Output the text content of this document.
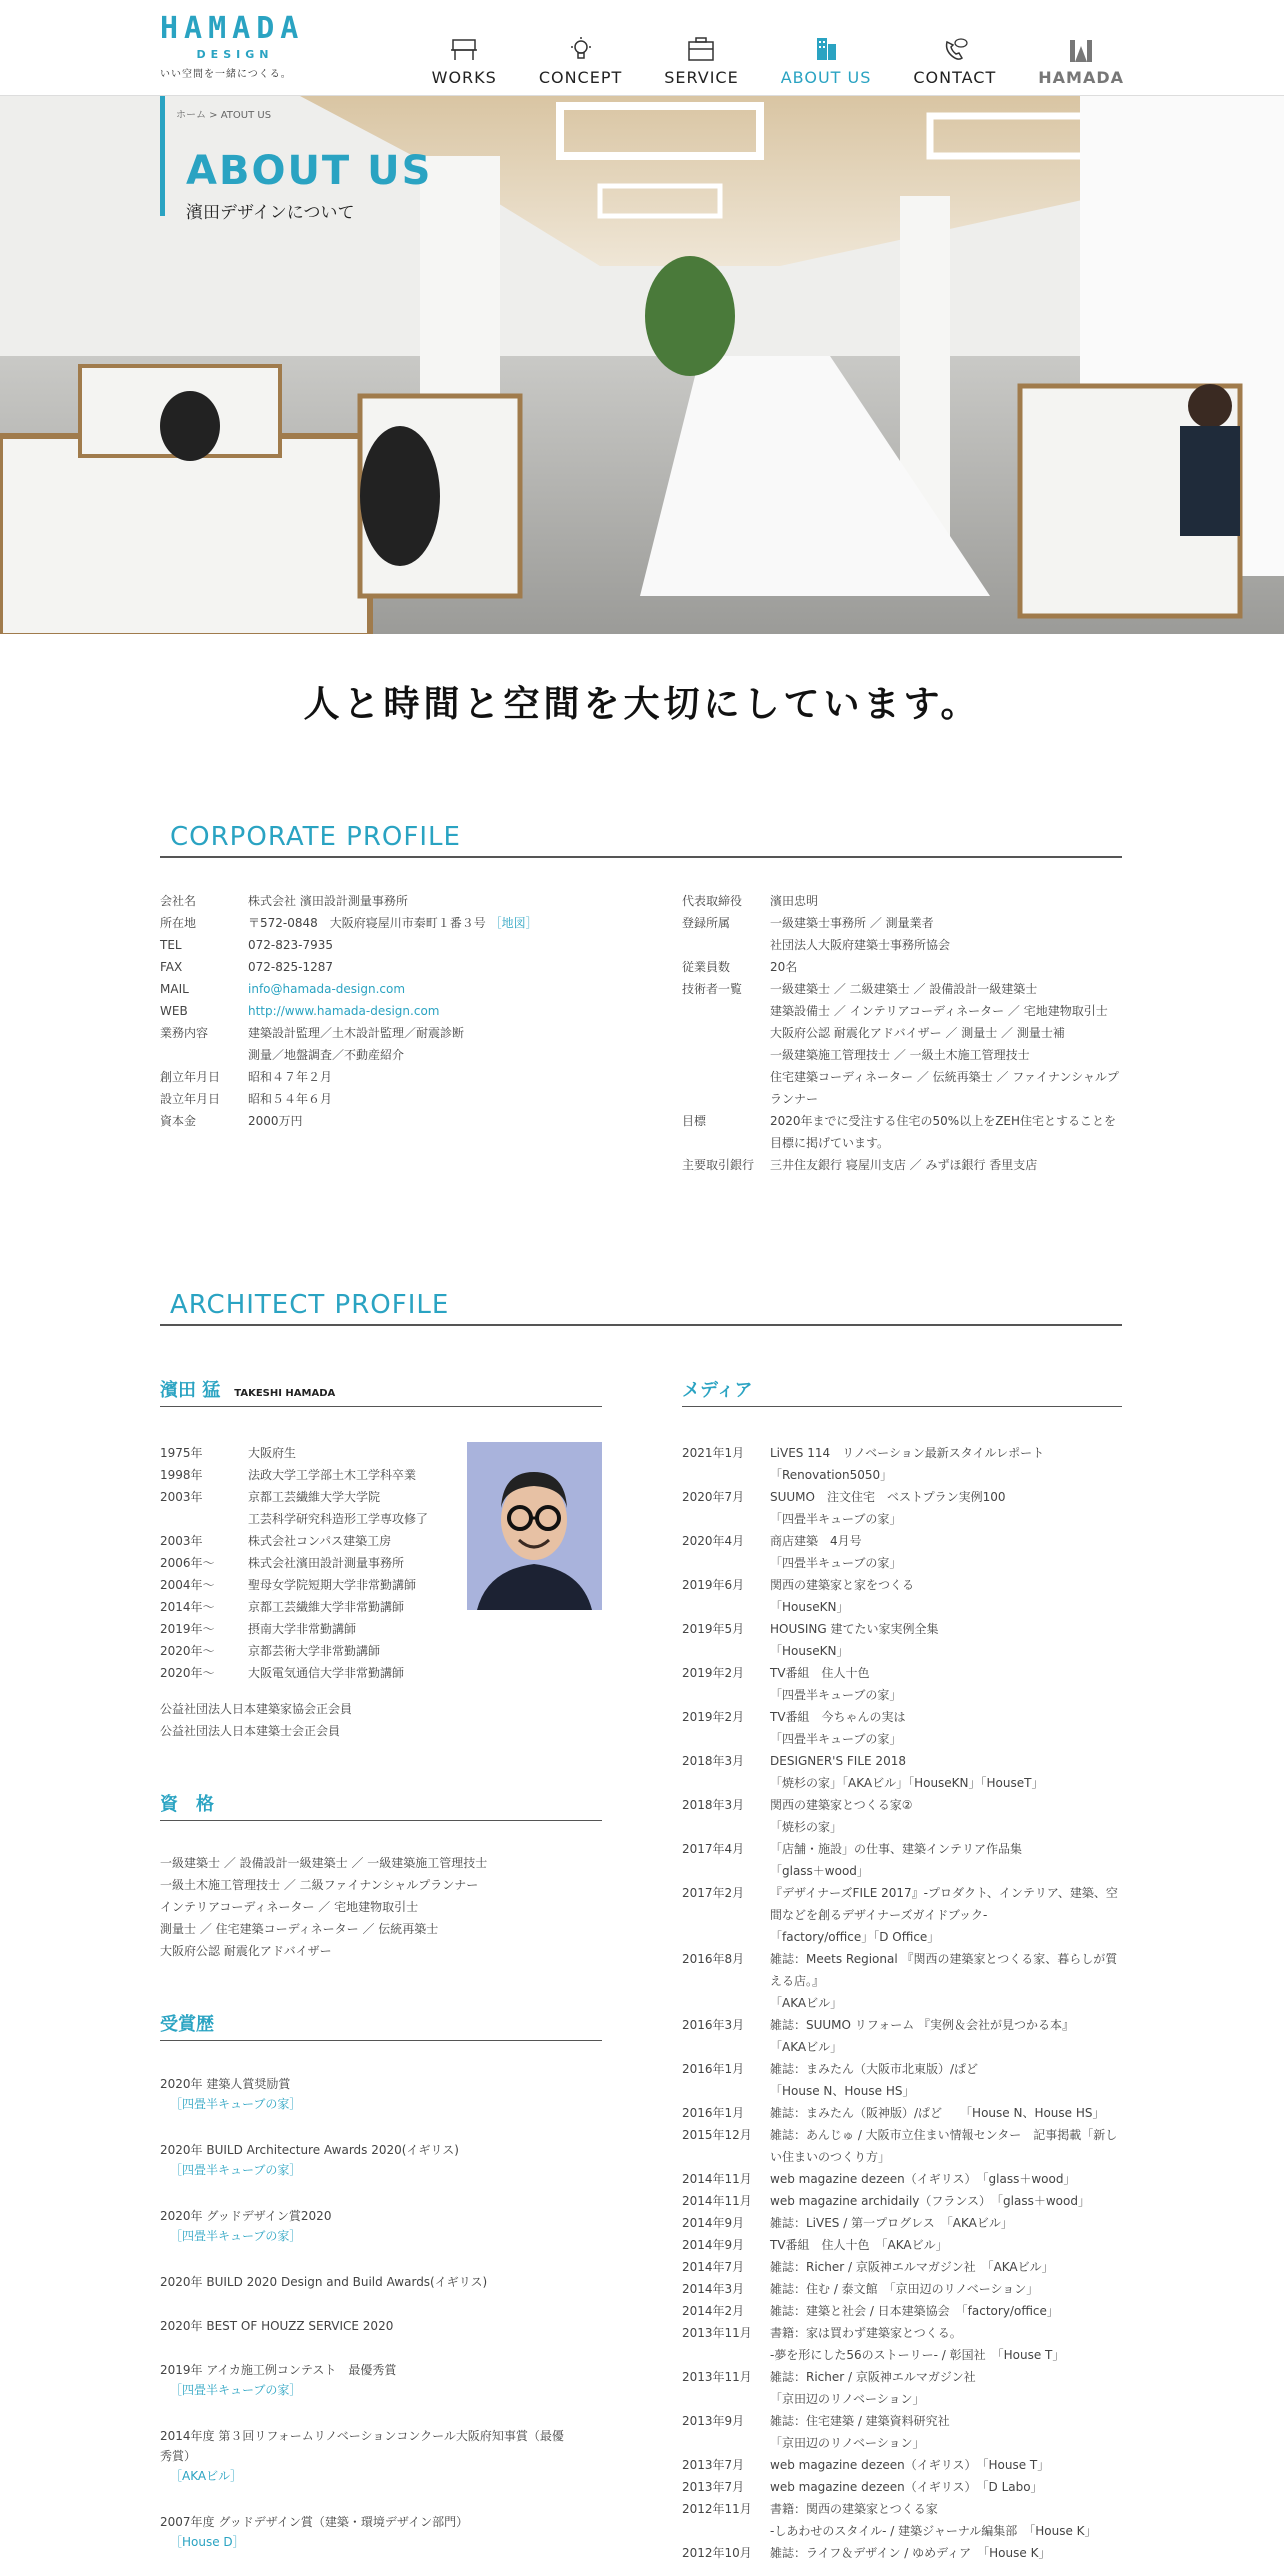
HAMADA
DESIGN
いい空間を一緒につくる。	WORKS	CONCEPT	SERVICE	ABOUT US	CONTACT	HAMADA
ホーム > ATOUT US
ABOUT US
濱田デザインについて
人と時間と空間を大切にしています。
CORPORATE PROFILE
会社名	株式会社 濱田設計測量事務所
所在地	〒572-0848　大阪府寝屋川市秦町１番３号 ［地図］
TEL	072-823-7935
FAX	072-825-1287
MAIL	info@hamada-design.com
WEB	http://www.hamada-design.com
業務内容	建築設計監理／土木設計監理／耐震診断
測量／地盤調査／不動産紹介
創立年月日	昭和４７年２月
設立年月日	昭和５４年６月
資本金	2000万円
代表取締役	濱田忠明
登録所属	一級建築士事務所 ／ 測量業者
社団法人大阪府建築士事務所協会
従業員数	20名
技術者一覧	一級建築士 ／ 二級建築士 ／ 設備設計一級建築士
建築設備士 ／ インテリアコーディネーター ／ 宅地建物取引士
大阪府公認 耐震化アドバイザー ／ 測量士 ／ 測量士補
一級建築施工管理技士 ／ 一級土木施工管理技士
住宅建築コーディネーター ／ 伝統再築士 ／ ファイナンシャルプ
ランナー
目標	2020年までに受注する住宅の50%以上をZEH住宅とすることを
目標に掲げています。
主要取引銀行	三井住友銀行 寝屋川支店 ／ みずほ銀行 香里支店
ARCHITECT PROFILE
濱田 猛 TAKESHI HAMADA
1975年	大阪府生
1998年	法政大学工学部土木工学科卒業
2003年	京都工芸繊維大学大学院
工芸科学研究科造形工学専攻修了
2003年	株式会社コンパス建築工房
2006年～	株式会社濱田設計測量事務所
2004年～	聖母女学院短期大学非常勤講師
2014年～	京都工芸繊維大学非常勤講師
2019年～	摂南大学非常勤講師
2020年～	京都芸術大学非常勤講師
2020年～	大阪電気通信大学非常勤講師
公益社団法人日本建築家協会正会員
公益社団法人日本建築士会正会員
資　格
一級建築士 ／ 設備設計一級建築士 ／ 一級建築施工管理技士
一級土木施工管理技士 ／ 二級ファイナンシャルプランナー
インテリアコーディネーター ／ 宅地建物取引士
測量士 ／ 住宅建築コーディネーター ／ 伝統再築士
大阪府公認 耐震化アドバイザー
受賞歴
2020年 建築人賞奨励賞
［四畳半キューブの家］
2020年 BUILD Architecture Awards 2020(イギリス)
［四畳半キューブの家］
2020年 グッドデザイン賞2020
［四畳半キューブの家］
2020年 BUILD 2020 Design and Build Awards(イギリス)
2020年 BEST OF HOUZZ SERVICE 2020
2019年 アイカ施工例コンテスト　最優秀賞
［四畳半キューブの家］
2014年度 第３回リフォームリノベーションコンクール大阪府知事賞（最優
秀賞）
［AKAビル］
2007年度 グッドデザイン賞（建築・環境デザイン部門）
［House D］
メディア
2021年1月	LiVES 114　リノベーション最新スタイルレポート
「Renovation5050」
2020年7月	SUUMO　注文住宅　ベストプラン実例100
「四畳半キューブの家」
2020年4月	商店建築　4月号
「四畳半キューブの家」
2019年6月	関西の建築家と家をつくる
「HouseKN」
2019年5月	HOUSING 建てたい家実例全集
「HouseKN」
2019年2月	TV番組　住人十色
「四畳半キューブの家」
2019年2月	TV番組　今ちゃんの実は
「四畳半キューブの家」
2018年3月	DESIGNER'S FILE 2018
「焼杉の家」「AKAビル」「HouseKN」「HouseT」
2018年3月	関西の建築家とつくる家②
「焼杉の家」
2017年4月	「店舗・施設」の仕事、建築インテリア作品集
「glass＋wood」
2017年2月	『デザイナーズFILE 2017』-プロダクト、インテリア、建築、空
間などを創るデザイナーズガイドブック-
「factory/office」「D Office」
2016年8月	雑誌：Meets Regional 『関西の建築家とつくる家、暮らしが質
える店。』
「AKAビル」
2016年3月	雑誌：SUUMO リフォーム 『実例＆会社が見つかる本』
「AKAビル」
2016年1月	雑誌：まみたん（大阪市北東版）/ぱど
「House N、House HS」
2016年1月	雑誌：まみたん（阪神版）/ぱど　　「House N、House HS」
2015年12月	雑誌：あんじゅ / 大阪市立住まい情報センター　記事掲載「新し
い住まいのつくり方」
2014年11月	web magazine dezeen（イギリス）　「glass＋wood」
2014年11月	web magazine archidaily（フランス）　「glass＋wood」
2014年9月	雑誌：LiVES / 第一プログレス　「AKAビル」
2014年9月	TV番組　住人十色　「AKAビル」
2014年7月	雑誌：Richer / 京阪神エルマガジン社　「AKAビル」
2014年3月	雑誌：住む / 泰文館　「京田辺のリノベーション」
2014年2月	雑誌：建築と社会 / 日本建築協会　「factory/office」
2013年11月	書籍：家は買わず建築家とつくる。
-夢を形にした56のストーリー- / 彰国社　「House T」
2013年11月	雑誌：Richer / 京阪神エルマガジン社
「京田辺のリノベーション」
2013年9月	雑誌：住宅建築 / 建築資料研究社
「京田辺のリノベーション」
2013年7月	web magazine dezeen（イギリス）　「House T」
2013年7月	web magazine dezeen（イギリス）　「D Labo」
2012年11月	書籍：関西の建築家とつくる家
-しあわせのスタイル- / 建築ジャーナル編集部　「House K」
2012年10月	雑誌：ライフ＆デザイン / ゆめディア　「House K」
